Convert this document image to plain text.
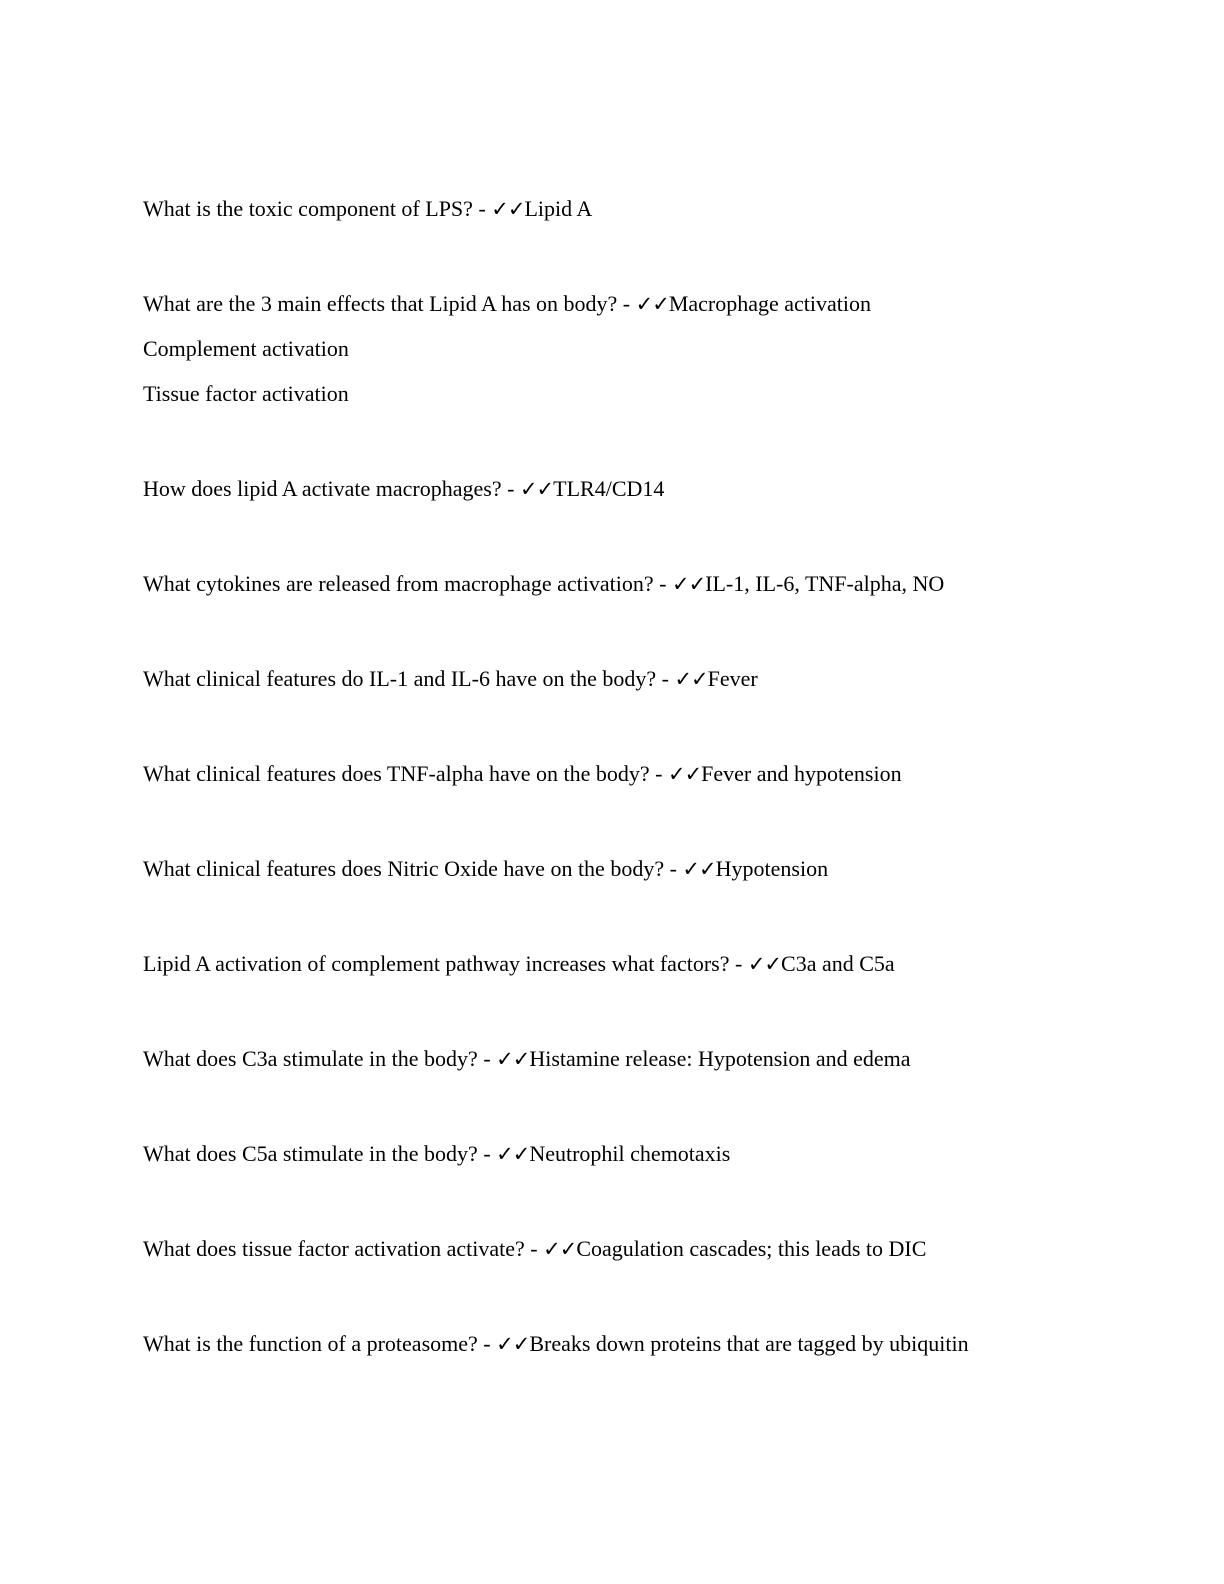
What is the toxic component of LPS? - ✓✓Lipid A
What are the 3 main effects that Lipid A has on body? - ✓✓Macrophage activation
Complement activation
Tissue factor activation
How does lipid A activate macrophages? - ✓✓TLR4/CD14
What cytokines are released from macrophage activation? - ✓✓IL-1, IL-6, TNF-alpha, NO
What clinical features do IL-1 and IL-6 have on the body? - ✓✓Fever
What clinical features does TNF-alpha have on the body? - ✓✓Fever and hypotension
What clinical features does Nitric Oxide have on the body? - ✓✓Hypotension
Lipid A activation of complement pathway increases what factors? - ✓✓C3a and C5a
What does C3a stimulate in the body? - ✓✓Histamine release: Hypotension and edema
What does C5a stimulate in the body? - ✓✓Neutrophil chemotaxis
What does tissue factor activation activate? - ✓✓Coagulation cascades; this leads to DIC
What is the function of a proteasome? - ✓✓Breaks down proteins that are tagged by ubiquitin
